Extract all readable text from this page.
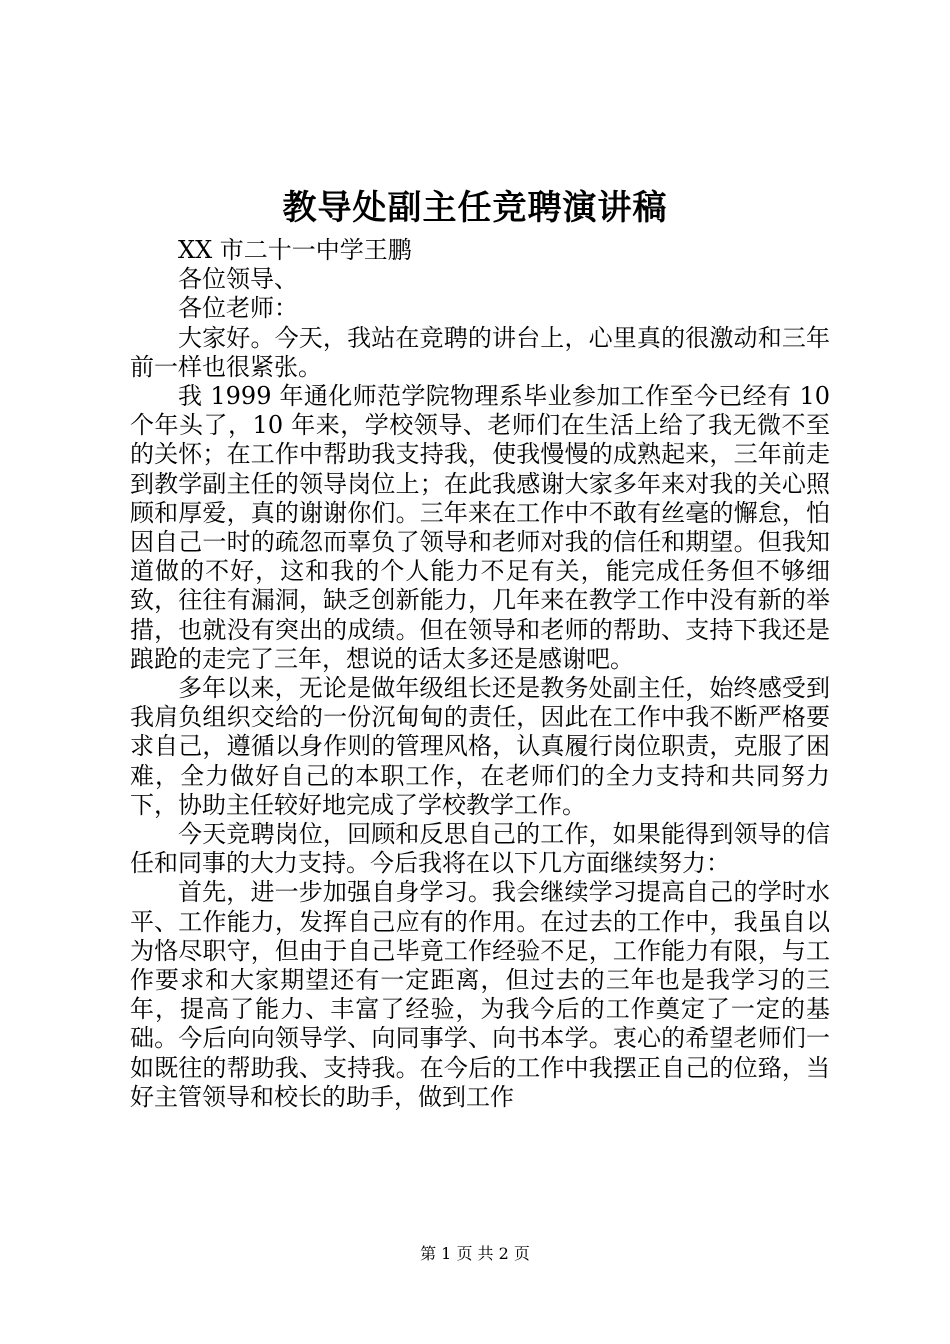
教导处副主任竞聘演讲稿

XX 市二十一中学王鹏

各位领导、

各位老师：

大家好。今天，我站在竞聘的讲台上，心里真的很激动和三年前一样也很紧张。

我 1999 年通化师范学院物理系毕业参加工作至今已经有 10 个年头了，10 年来，学校领导、老师们在生活上给了我无微不至的关怀；在工作中帮助我支持我，使我慢慢的成熟起来，三年前走到教学副主任的领导岗位上；在此我感谢大家多年来对我的关心照顾和厚爱，真的谢谢你们。三年来在工作中不敢有丝毫的懈怠，怕因自己一时的疏忽而辜负了领导和老师对我的信任和期望。但我知道做的不好，这和我的个人能力不足有关，能完成任务但不够细致，往往有漏洞，缺乏创新能力，几年来在教学工作中没有新的举措，也就没有突出的成绩。但在领导和老师的帮助、支持下我还是踉跄的走完了三年，想说的话太多还是感谢吧。

多年以来，无论是做年级组长还是教务处副主任，始终感受到我肩负组织交给的一份沉甸甸的责任，因此在工作中我不断严格要求自己，遵循以身作则的管理风格，认真履行岗位职责，克服了困难，全力做好自己的本职工作，在老师们的全力支持和共同努力下，协助主任较好地完成了学校教学工作。

今天竞聘岗位，回顾和反思自己的工作，如果能得到领导的信任和同事的大力支持。今后我将在以下几方面继续努力：

首先，进一步加强自身学习。我会继续学习提高自己的学时水平、工作能力，发挥自己应有的作用。在过去的工作中，我虽自以为恪尽职守，但由于自己毕竟工作经验不足，工作能力有限，与工作要求和大家期望还有一定距离，但过去的三年也是我学习的三年，提高了能力、丰富了经验，为我今后的工作奠定了一定的基础。今后向向领导学、向同事学、向书本学。衷心的希望老师们一如既往的帮助我、支持我。在今后的工作中我摆正自己的位臵，当好主管领导和校长的助手，做到工作

第 1 页 共 2 页
